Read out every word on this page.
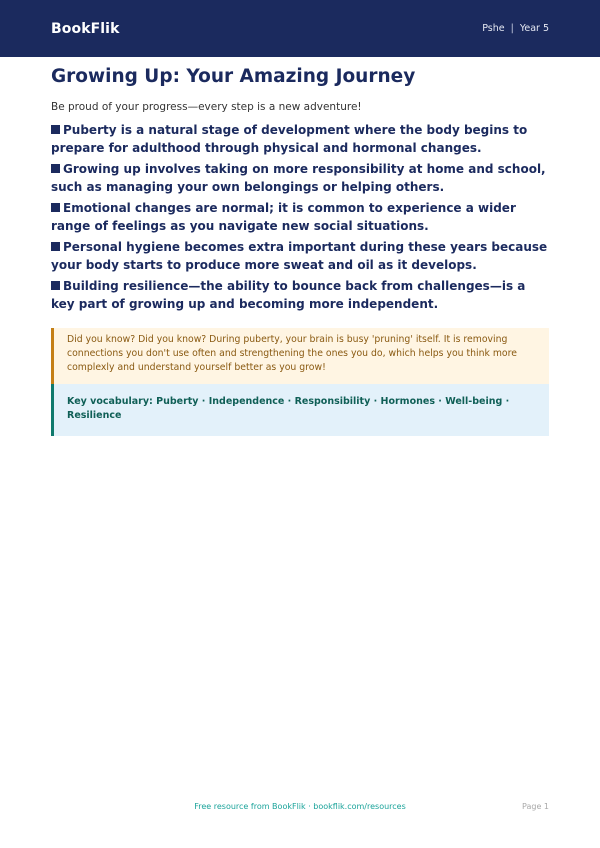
BookFlik	Pshe | Year 5
Growing Up: Your Amazing Journey

Be proud of your progress—every step is a new adventure!

Puberty is a natural stage of development where the body begins to prepare for adulthood through physical and hormonal changes.
Growing up involves taking on more responsibility at home and school, such as managing your own belongings or helping others.
Emotional changes are normal; it is common to experience a wider range of feelings as you navigate new social situations.
Personal hygiene becomes extra important during these years because your body starts to produce more sweat and oil as it develops.
Building resilience—the ability to bounce back from challenges—is a key part of growing up and becoming more independent.
Did you know? Did you know? During puberty, your brain is busy 'pruning' itself. It is removing connections you don't use often and strengthening the ones you do, which helps you think more complexly and understand yourself better as you grow!
Key vocabulary: Puberty · Independence · Responsibility · Hormones · Well-being · Resilience
Free resource from BookFlik · bookflik.com/resources	Page 1
